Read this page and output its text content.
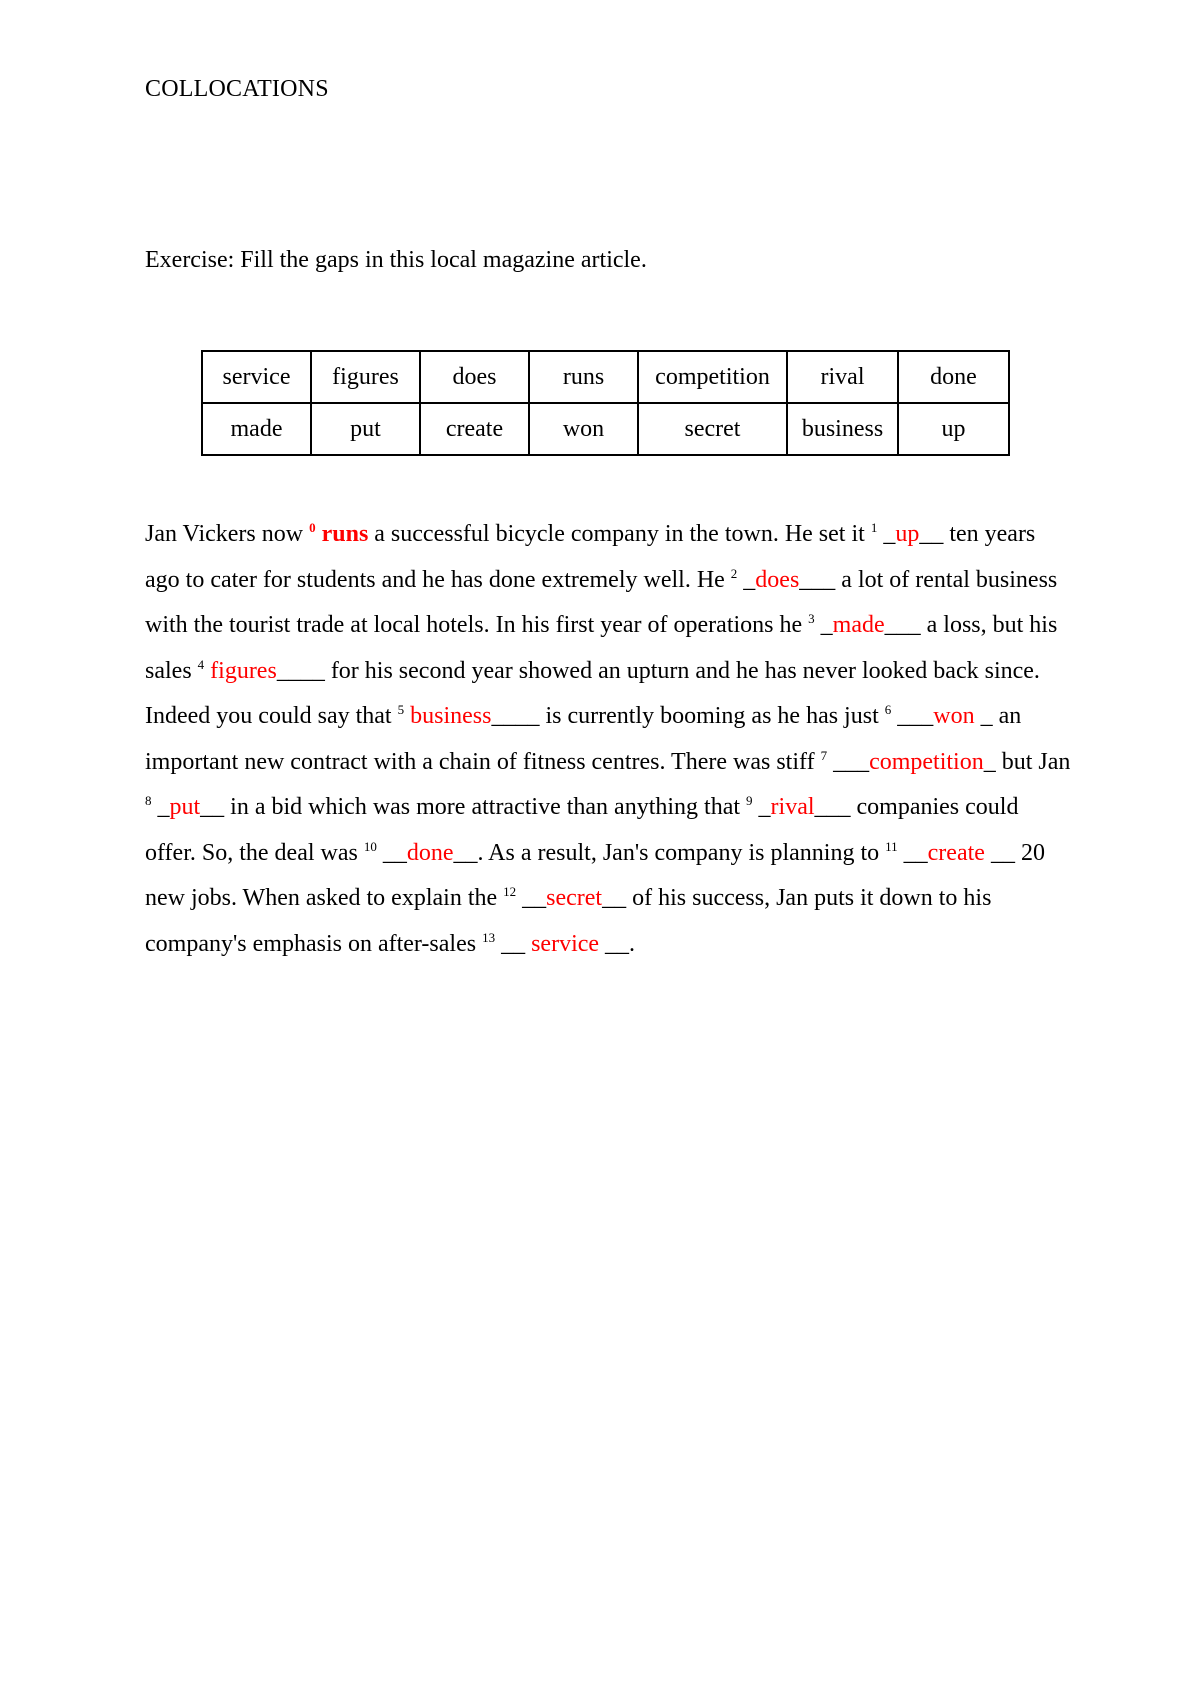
COLLOCATIONS
Exercise: Fill the gaps in this local magazine article.
service	figures	does	runs	competition	rival	done
made	put	create	won	secret	business	up

Jan Vickers now $^0$ runs a successful bicycle company in the town. He set it $^1$ _up__ ten years ago to cater for students and he has done extremely well. He $^2$ _does___ a lot of rental business with the tourist trade at local hotels. In his first year of operations he $^3$ _made___ a loss, but his sales $^4$ figures____ for his second year showed an upturn and he has never looked back since. Indeed you could say that $^5$ business____ is currently booming as he has just $^6$ ___won _ an important new contract with a chain of fitness centres. There was stiff $^7$ ___competition_ but Jan $^8$ _put__ in a bid which was more attractive than anything that $^9$ _rival___ companies could offer. So, the deal was $^{10}$ __done__. As a result, Jan's company is planning to $^{11}$ __create __ 20 new jobs. When asked to explain the $^{12}$ __secret__ of his success, Jan puts it down to his company's emphasis on after-sales $^{13}$ __ service __.
